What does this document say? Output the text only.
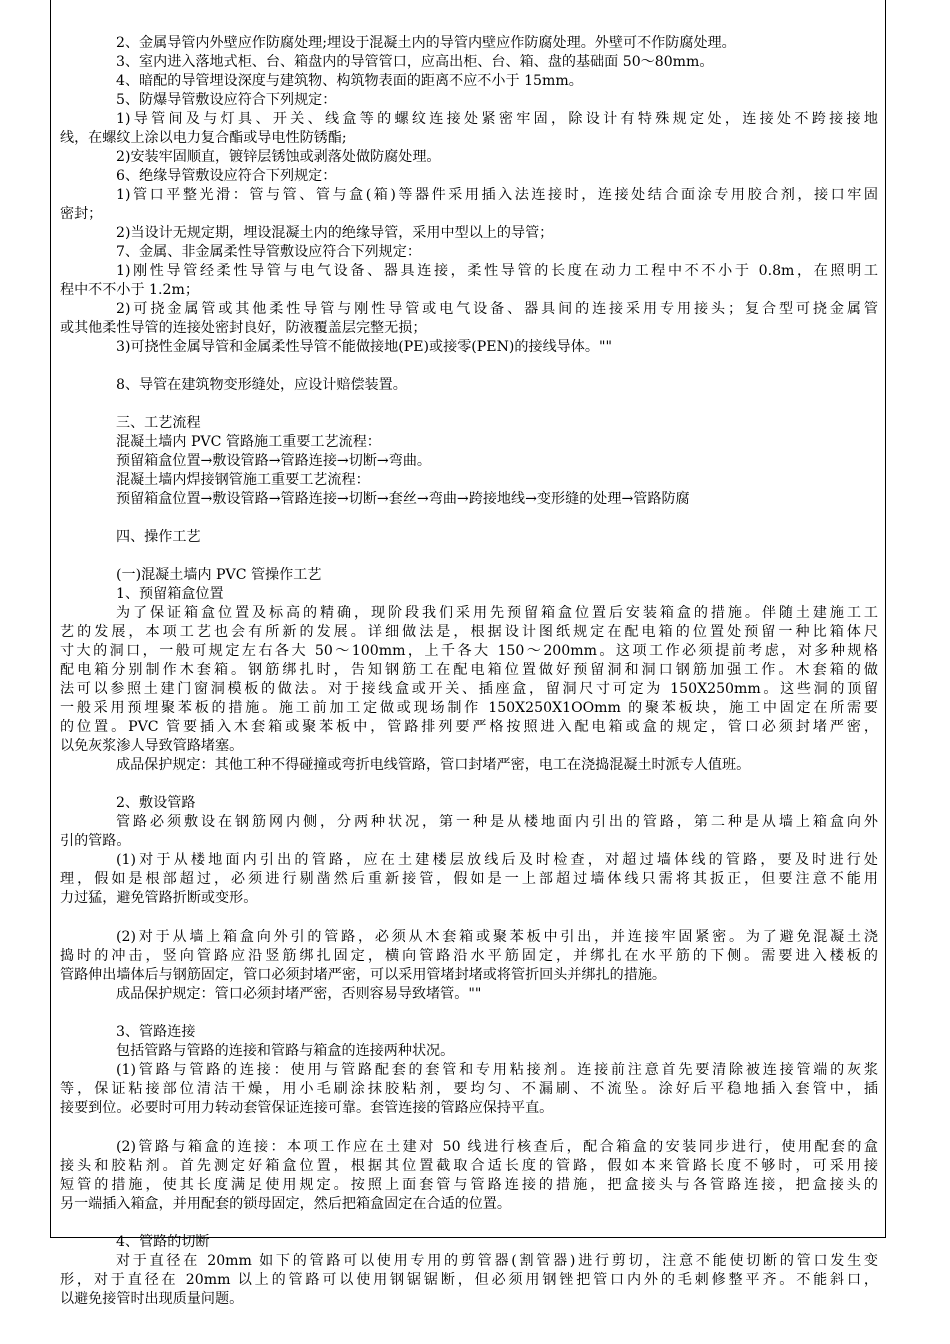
2、金属导管内外壁应作防腐处理;埋设于混凝土内的导管内壁应作防腐处理。外壁可不作防腐处理。
3、室内进入落地式柜、台、箱盘内的导管管口，应高出柜、台、箱、盘的基础面 50～80mm。
4、暗配的导管埋设深度与建筑物、构筑物表面的距离不应不小于 15mm。
5、防爆导管敷设应符合下列规定：
1)导管间及与灯具、开关、线盒等的螺纹连接处紧密牢固，除设计有特殊规定处，连接处不跨接接地
线，在螺纹上涂以电力复合酯或导电性防锈酯;
2)安装牢固顺直，镀锌层锈蚀或剥落处做防腐处理。
6、绝缘导管敷设应符合下列规定：
1)管口平整光滑：管与管、管与盒(箱)等器件采用插入法连接时，连接处结合面涂专用胶合剂，接口牢固
密封；
2)当设计无规定期，埋设混凝土内的绝缘导管，采用中型以上的导管；
7、金属、非金属柔性导管敷设应符合下列规定：
1)刚性导管经柔性导管与电气设备、器具连接，柔性导管的长度在动力工程中不不小于 0.8m，在照明工
程中不不小于 1.2m；
2)可挠金属管或其他柔性导管与刚性导管或电气设备、器具间的连接采用专用接头；复合型可挠金属管
或其他柔性导管的连接处密封良好，防液覆盖层完整无损；
3)可挠性金属导管和金属柔性导管不能做接地(PE)或接零(PEN)的接线导体。""
8、导管在建筑物变形缝处，应设计赔偿装置。
三、工艺流程
混凝土墙内 PVC 管路施工重要工艺流程：
预留箱盒位置→敷设管路→管路连接→切断→弯曲。
混凝土墙内焊接钢管施工重要工艺流程：
预留箱盒位置→敷设管路→管路连接→切断→套丝→弯曲→跨接地线→变形缝的处理→管路防腐
四、操作工艺
(一)混凝土墙内 PVC 管操作工艺
1、预留箱盒位置
为了保证箱盒位置及标高的精确，现阶段我们采用先预留箱盒位置后安装箱盒的措施。伴随土建施工工
艺的发展，本项工艺也会有所新的发展。详细做法是，根据设计图纸规定在配电箱的位置处预留一种比箱体尺
寸大的洞口，一般可规定左右各大 50～100mm，上千各大 150～200mm。这项工作必须提前考虑，对多种规格
配电箱分别制作木套箱。钢筋绑扎时，告知钢筋工在配电箱位置做好预留洞和洞口钢筋加强工作。木套箱的做
法可以参照土建门窗洞模板的做法。对于接线盒或开关、插座盒，留洞尺寸可定为 150X250mm。这些洞的顶留
一般采用预埋聚苯板的措施。施工前加工定做或现场制作 150X250X1OOmm 的聚苯板块，施工中固定在所需要
的位置。PVC 管要插入木套箱或聚苯板中，管路排列要严格按照进入配电箱或盒的规定，管口必须封堵严密，
以免灰浆渗人导致管路堵塞。
成品保护规定：其他工种不得碰撞或弯折电线管路，管口封堵严密，电工在浇捣混凝土时派专人值班。
2、敷设管路
管路必须敷设在钢筋网内侧，分两种状况，第一种是从楼地面内引出的管路，第二种是从墙上箱盒向外
引的管路。
(1)对于从楼地面内引出的管路，应在土建楼层放线后及时检查，对超过墙体线的管路，要及时进行处
理，假如是根部超过，必须进行剔凿然后重新接管，假如是一上部超过墙体线只需将其扳正，但要注意不能用
力过猛，避免管路折断或变形。
(2)对于从墙上箱盒向外引的管路，必须从木套箱或聚苯板中引出，并连接牢固紧密。为了避免混凝土浇
捣时的冲击，竖向管路应沿竖筋绑扎固定，横向管路沿水平筋固定，并绑扎在水平筋的下侧。需要进入楼板的
管路伸出墙体后与钢筋固定，管口必须封堵严密，可以采用管堵封堵或将管折回头并绑扎的措施。
成品保护规定：管口必须封堵严密，否则容易导致堵管。""
3、管路连接
包括管路与管路的连接和管路与箱盒的连接两种状况。
(1)管路与管路的连接：使用与管路配套的套管和专用粘接剂。连接前注意首先要清除被连接管端的灰浆
等，保证粘接部位清洁干燥，用小毛刷涂抹胶粘剂，要均匀、不漏刷、不流坠。涂好后平稳地插入套管中，插
接要到位。必要时可用力转动套管保证连接可靠。套管连接的管路应保持平直。
(2)管路与箱盒的连接：本项工作应在土建对 50 线进行核查后，配合箱盒的安装同步进行，使用配套的盒
接头和胶粘剂。首先测定好箱盒位置，根据其位置截取合适长度的管路，假如本来管路长度不够时，可采用接
短管的措施，使其长度满足使用规定。按照上面套管与管路连接的措施，把盒接头与各管路连接，把盒接头的
另一端插入箱盒，并用配套的锁母固定，然后把箱盒固定在合适的位置。
4、管路的切断
对于直径在 20mm 如下的管路可以使用专用的剪管器(割管器)进行剪切，注意不能使切断的管口发生变
形，对于直径在 20mm 以上的管路可以使用钢锯锯断，但必须用钢锉把管口内外的毛刺修整平齐。不能斜口，
以避免接管时出现质量问题。
